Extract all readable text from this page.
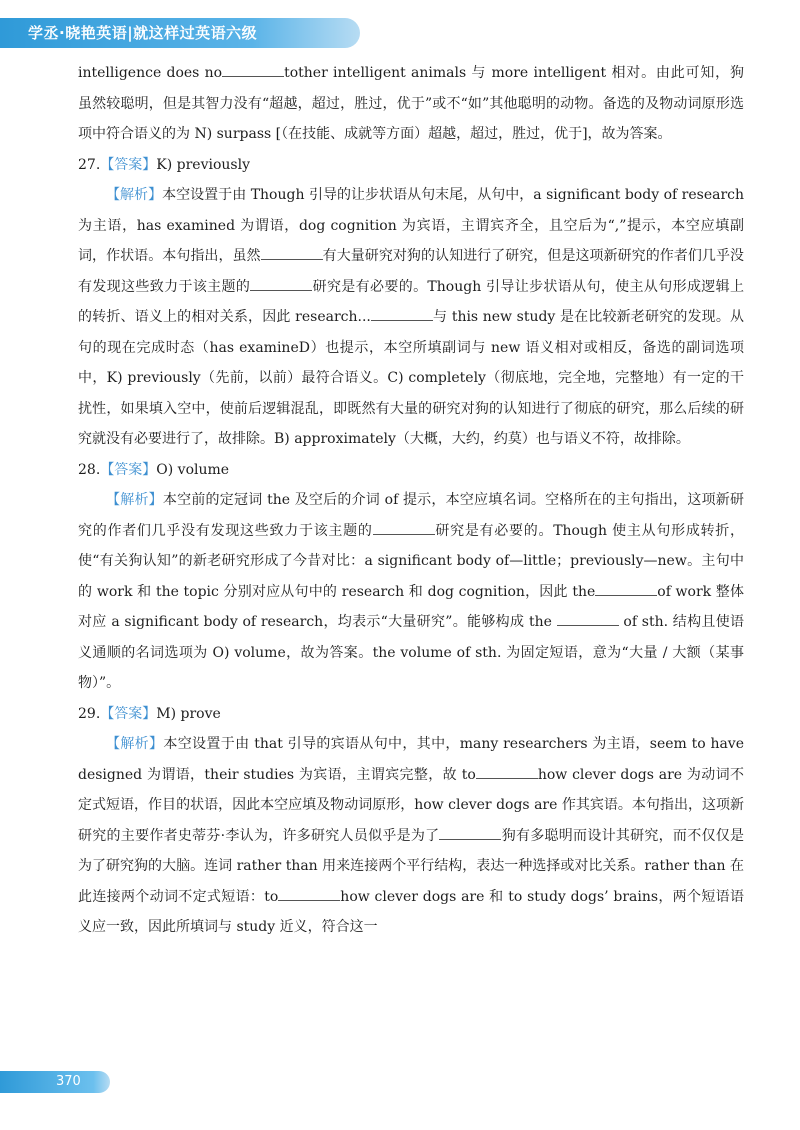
学丞·晓艳英语|就这样过英语六级

intelligence does no	tother intelligent animals 与 more intelligent 相对。由此可知，狗虽然较聪明，但是其智力没有“超越，超过，胜过，优于”或不“如”其他聪明的动物。备选的及物动词原形选项中符合语义的为 N) surpass [（在技能、成就等方面）超越，超过，胜过，优于]，故为答案。

27.【答案】K) previously

【解析】本空设置于由 Though 引导的让步状语从句末尾，从句中，a significant body of research 为主语，has examined 为谓语，dog cognition 为宾语，主谓宾齐全，且空后为“,”提示，本空应填副词，作状语。本句指出，虽然	有大量研究对狗的认知进行了研究，但是这项新研究的作者们几乎没有发现这些致力于该主题的	研究是有必要的。Though 引导让步状语从句，使主从句形成逻辑上的转折、语义上的相对关系，因此 research...	与 this new study 是在比较新老研究的发现。从句的现在完成时态（has examineD）也提示，本空所填副词与 new 语义相对或相反，备选的副词选项中，K) previously（先前，以前）最符合语义。C) completely（彻底地，完全地，完整地）有一定的干扰性，如果填入空中，使前后逻辑混乱，即既然有大量的研究对狗的认知进行了彻底的研究，那么后续的研究就没有必要进行了，故排除。B) approximately（大概，大约，约莫）也与语义不符，故排除。

28.【答案】O) volume

【解析】本空前的定冠词 the 及空后的介词 of 提示，本空应填名词。空格所在的主句指出，这项新研究的作者们几乎没有发现这些致力于该主题的	研究是有必要的。Though 使主从句形成转折，使“有关狗认知”的新老研究形成了今昔对比：a significant body of—little；previously—new。主句中的 work 和 the topic 分别对应从句中的 research 和 dog cognition，因此 the	of work 整体对应 a significant body of research，均表示“大量研究”。能够构成 the	of sth. 结构且使语义通顺的名词选项为 O) volume，故为答案。the volume of sth. 为固定短语，意为“大量 / 大额（某事物）”。

29.【答案】M) prove

【解析】本空设置于由 that 引导的宾语从句中，其中，many researchers 为主语，seem to have designed 为谓语，their studies 为宾语，主谓宾完整，故 to	how clever dogs are 为动词不定式短语，作目的状语，因此本空应填及物动词原形，how clever dogs are 作其宾语。本句指出，这项新研究的主要作者史蒂芬·李认为，许多研究人员似乎是为了	狗有多聪明而设计其研究，而不仅仅是为了研究狗的大脑。连词 rather than 用来连接两个平行结构，表达一种选择或对比关系。rather than 在此连接两个动词不定式短语：to	how clever dogs are 和 to study dogs’ brains，两个短语语义应一致，因此所填词与 study 近义，符合这一

370
